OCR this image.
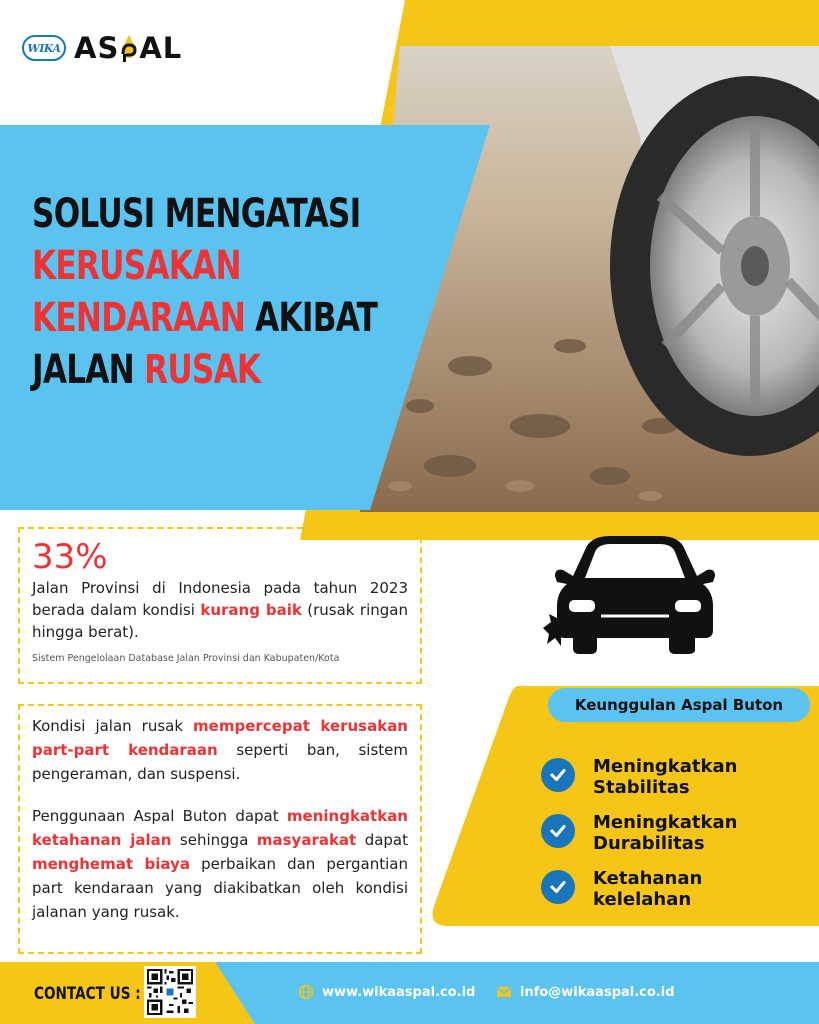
WIKA AS AL
SOLUSI MENGATASI
KERUSAKAN
KENDARAAN AKIBAT
JALAN RUSAK
33%
Jalan Provinsi di Indonesia pada tahun 2023 berada dalam kondisi kurang baik (rusak ringan hingga berat).
Sistem Pengelolaan Database Jalan Provinsi dan Kabupaten/Kota

Kondisi jalan rusak mempercepat kerusakan part-part kendaraan seperti ban, sistem pengeraman, dan suspensi.

Penggunaan Aspal Buton dapat meningkatkan ketahanan jalan sehingga masyarakat dapat menghemat biaya perbaikan dan pergantian part kendaraan yang diakibatkan oleh kondisi jalanan yang rusak.

Keunggulan Aspal Buton
Meningkatkan Stabilitas
Meningkatkan Durabilitas
Ketahanan kelelahan
CONTACT US :	www.wikaaspal.co.id	info@wikaaspal.co.id
